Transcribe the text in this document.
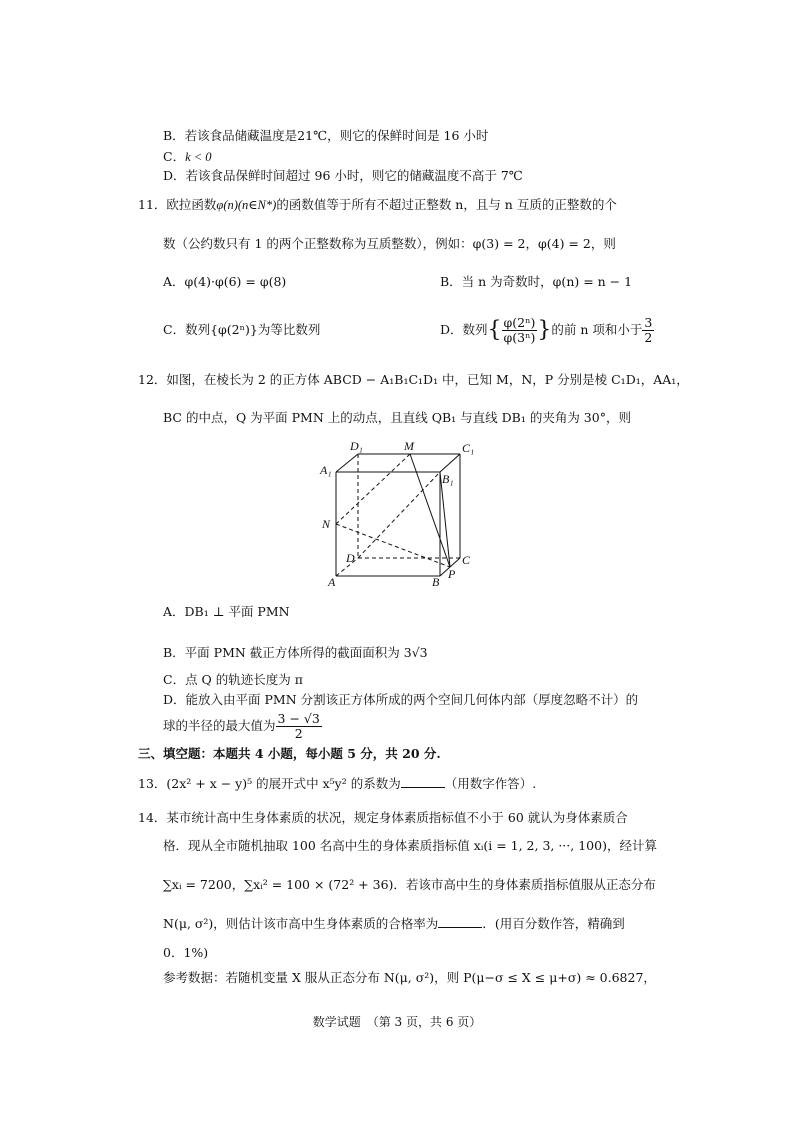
B．若该食品储藏温度是21℃，则它的保鲜时间是 16 小时
C．k < 0
D．若该食品保鲜时间超过 96 小时，则它的储藏温度不高于 7℃
11．欧拉函数φ(n)(n∈N*)的函数值等于所有不超过正整数 n，且与 n 互质的正整数的个
数（公约数只有 1 的两个正整数称为互质整数），例如：φ(3) = 2，φ(4) = 2，则
A．φ(4)·φ(6) = φ(8)	B．当 n 为奇数时，φ(n) = n − 1
C．数列{φ(2ⁿ)}为等比数列	D．数列{ $\frac{\text{φ(2ⁿ)}}{\text{φ(3ⁿ)}}$ }的前 n 项和小于 $\frac{3}{2}$
12．如图，在棱长为 2 的正方体 ABCD − A₁B₁C₁D₁ 中，已知 M，N，P 分别是棱 C₁D₁，AA₁，
BC 的中点，Q 为平面 PMN 上的动点，且直线 QB₁ 与直线 DB₁ 的夹角为 30°，则
D₁	M	C₁
A₁
B₁
N
D	C
A	B
P
A．DB₁ ⊥ 平面 PMN
B．平面 PMN 截正方体所得的截面面积为 3√3
C．点 Q 的轨迹长度为 π
D．能放入由平面 PMN 分割该正方体所成的两个空间几何体内部（厚度忽略不计）的
球的半径的最大值为 $\frac{3 - √3}{2}$
三、填空题：本题共 4 小题，每小题 5 分，共 20 分.
13．(2x² + x − y)⁵ 的展开式中 x⁵y² 的系数为	（用数字作答）.
14．某市统计高中生身体素质的状况，规定身体素质指标值不小于 60 就认为身体素质合
格．现从全市随机抽取 100 名高中生的身体素质指标值 xᵢ(i = 1, 2, 3, ···, 100)，经计算
∑xᵢ = 7200，∑xᵢ² = 100 × (72² + 36)．若该市高中生的身体素质指标值服从正态分布
N(μ, σ²)，则估计该市高中生身体素质的合格率为	．(用百分数作答，精确到
0．1%)
参考数据：若随机变量 X 服从正态分布 N(μ, σ²)，则 P(μ−σ ≤ X ≤ μ+σ) ≈ 0.6827，
数学试题　（第 3 页，共 6 页）
